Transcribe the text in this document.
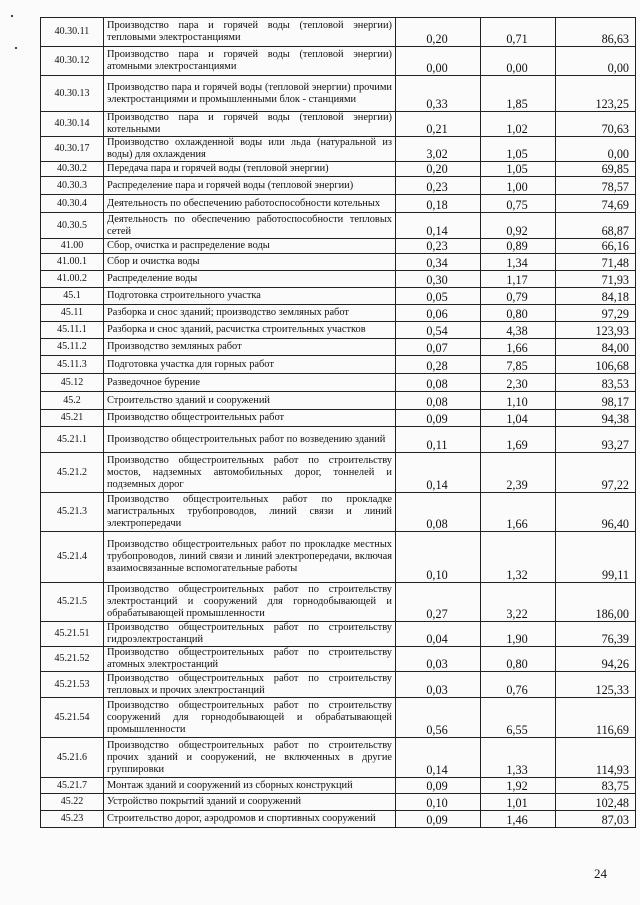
40.30.11	Производство пара и горячей воды (тепловой энергии) тепловыми электростанциями	0,20	0,71	86,63
40.30.12	Производство пара и горячей воды (тепловой энергии) атомными электростанциями	0,00	0,00	0,00
40.30.13	Производство пара и горячей воды (тепловой энергии) прочими электростанциями и промышленными блок - станциями	0,33	1,85	123,25
40.30.14	Производство пара и горячей воды (тепловой энергии) котельными	0,21	1,02	70,63
40.30.17	Производство охлажденной воды или льда (натуральной из воды) для охлаждения	3,02	1,05	0,00
40.30.2	Передача пара и горячей воды (тепловой энергии)	0,20	1,05	69,85
40.30.3	Распределение пара и горячей воды (тепловой энергии)	0,23	1,00	78,57
40.30.4	Деятельность по обеспечению работоспособности котельных	0,18	0,75	74,69
40.30.5	Деятельность по обеспечению работоспособности тепловых сетей	0,14	0,92	68,87
41.00	Сбор, очистка и распределение воды	0,23	0,89	66,16
41.00.1	Сбор и очистка воды	0,34	1,34	71,48
41.00.2	Распределение воды	0,30	1,17	71,93
45.1	Подготовка строительного участка	0,05	0,79	84,18
45.11	Разборка и снос зданий; производство земляных работ	0,06	0,80	97,29
45.11.1	Разборка и снос зданий, расчистка строительных участков	0,54	4,38	123,93
45.11.2	Производство земляных работ	0,07	1,66	84,00
45.11.3	Подготовка участка для горных работ	0,28	7,85	106,68
45.12	Разведочное бурение	0,08	2,30	83,53
45.2	Строительство зданий и сооружений	0,08	1,10	98,17
45.21	Производство общестроительных работ	0,09	1,04	94,38
45.21.1	Производство общестроительных работ по возведению зданий	0,11	1,69	93,27
45.21.2	Производство общестроительных работ по строительству мостов, надземных автомобильных дорог, тоннелей и подземных дорог	0,14	2,39	97,22
45.21.3	Производство общестроительных работ по прокладке магистральных трубопроводов, линий связи и линий электропередачи	0,08	1,66	96,40
45.21.4	Производство общестроительных работ по прокладке местных трубопроводов, линий связи и линий электропередачи, включая взаимосвязанные вспомогательные работы	0,10	1,32	99,11
45.21.5	Производство общестроительных работ по строительству электростанций и сооружений для горнодобывающей и обрабатывающей промышленности	0,27	3,22	186,00
45.21.51	Производство общестроительных работ по строительству гидроэлектростанций	0,04	1,90	76,39
45.21.52	Производство общестроительных работ по строительству атомных электростанций	0,03	0,80	94,26
45.21.53	Производство общестроительных работ по строительству тепловых и прочих электростанций	0,03	0,76	125,33
45.21.54	Производство общестроительных работ по строительству сооружений для горнодобывающей и обрабатывающей промышленности	0,56	6,55	116,69
45.21.6	Производство общестроительных работ по строительству прочих зданий и сооружений, не включенных в другие группировки	0,14	1,33	114,93
45.21.7	Монтаж зданий и сооружений из сборных конструкций	0,09	1,92	83,75
45.22	Устройство покрытий зданий и сооружений	0,10	1,01	102,48
45.23	Строительство дорог, аэродромов и спортивных сооружений	0,09	1,46	87,03
24
